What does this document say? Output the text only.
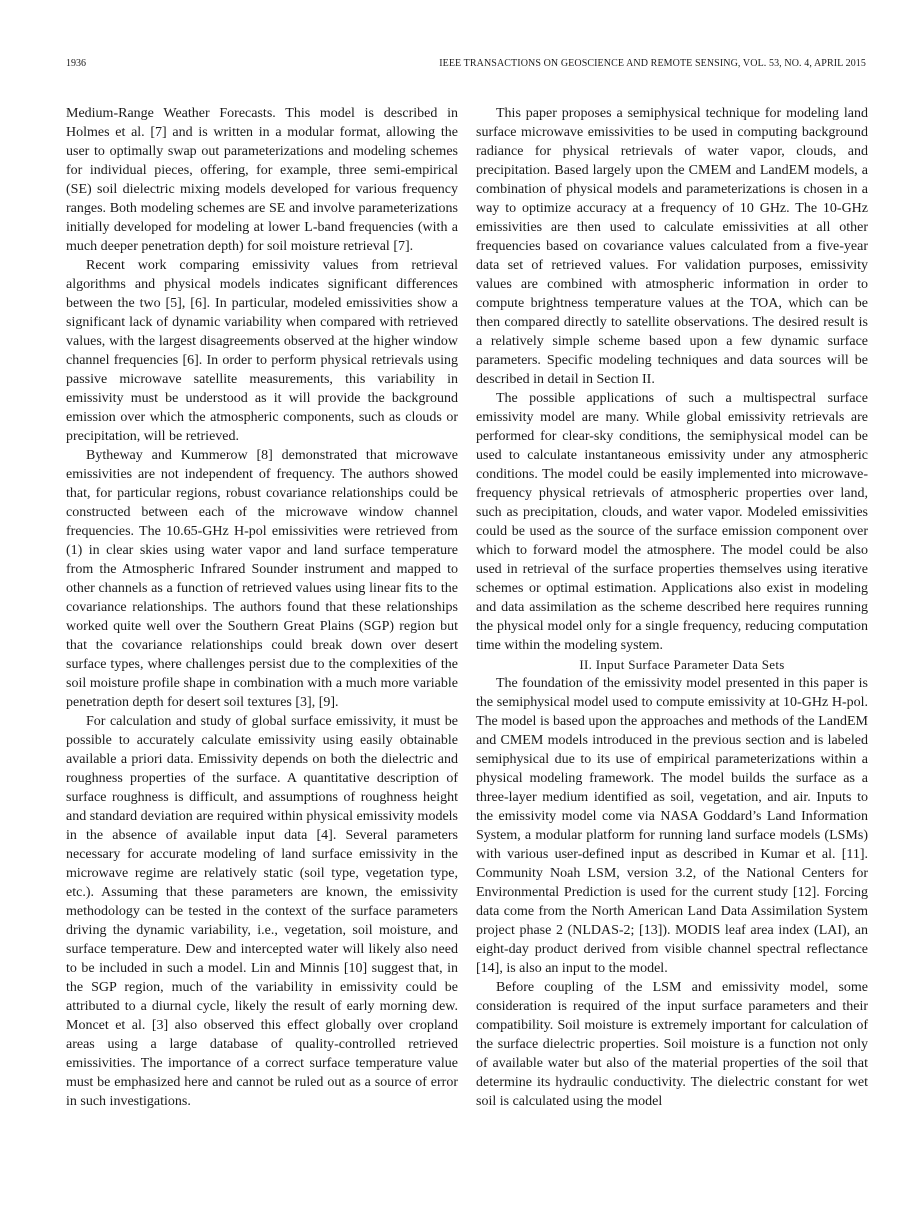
1936	IEEE TRANSACTIONS ON GEOSCIENCE AND REMOTE SENSING, VOL. 53, NO. 4, APRIL 2015

Medium-Range Weather Forecasts. This model is described in Holmes et al. [7] and is written in a modular format, allowing the user to optimally swap out parameterizations and modeling schemes for individual pieces, offering, for example, three semi-empirical (SE) soil dielectric mixing models developed for various frequency ranges. Both modeling schemes are SE and involve parameterizations initially developed for modeling at lower L-band frequencies (with a much deeper penetration depth) for soil moisture retrieval [7].

Recent work comparing emissivity values from retrieval algorithms and physical models indicates significant differences between the two [5], [6]. In particular, modeled emissivities show a significant lack of dynamic variability when compared with retrieved values, with the largest disagreements observed at the higher window channel frequencies [6]. In order to perform physical retrievals using passive microwave satellite measurements, this variability in emissivity must be understood as it will provide the background emission over which the atmospheric components, such as clouds or precipitation, will be retrieved.

Bytheway and Kummerow [8] demonstrated that microwave emissivities are not independent of frequency. The authors showed that, for particular regions, robust covariance relationships could be constructed between each of the microwave window channel frequencies. The 10.65-GHz H-pol emissivities were retrieved from (1) in clear skies using water vapor and land surface temperature from the Atmospheric Infrared Sounder instrument and mapped to other channels as a function of retrieved values using linear fits to the covariance relationships. The authors found that these relationships worked quite well over the Southern Great Plains (SGP) region but that the covariance relationships could break down over desert surface types, where challenges persist due to the complexities of the soil moisture profile shape in combination with a much more variable penetration depth for desert soil textures [3], [9].

For calculation and study of global surface emissivity, it must be possible to accurately calculate emissivity using easily obtainable available a priori data. Emissivity depends on both the dielectric and roughness properties of the surface. A quantitative description of surface roughness is difficult, and assumptions of roughness height and standard deviation are required within physical emissivity models in the absence of available input data [4]. Several parameters necessary for accurate modeling of land surface emissivity in the microwave regime are relatively static (soil type, vegetation type, etc.). Assuming that these parameters are known, the emissivity methodology can be tested in the context of the surface parameters driving the dynamic variability, i.e., vegetation, soil moisture, and surface temperature. Dew and intercepted water will likely also need to be included in such a model. Lin and Minnis [10] suggest that, in the SGP region, much of the variability in emissivity could be attributed to a diurnal cycle, likely the result of early morning dew. Moncet et al. [3] also observed this effect globally over cropland areas using a large database of quality-controlled retrieved emissivities. The importance of a correct surface temperature value must be emphasized here and cannot be ruled out as a source of error in such investigations.

This paper proposes a semiphysical technique for modeling land surface microwave emissivities to be used in computing background radiance for physical retrievals of water vapor, clouds, and precipitation. Based largely upon the CMEM and LandEM models, a combination of physical models and parameterizations is chosen in a way to optimize accuracy at a frequency of 10 GHz. The 10-GHz emissivities are then used to calculate emissivities at all other frequencies based on covariance values calculated from a five-year data set of retrieved values. For validation purposes, emissivity values are combined with atmospheric information in order to compute brightness temperature values at the TOA, which can be then compared directly to satellite observations. The desired result is a relatively simple scheme based upon a few dynamic surface parameters. Specific modeling techniques and data sources will be described in detail in Section II.

The possible applications of such a multispectral surface emissivity model are many. While global emissivity retrievals are performed for clear-sky conditions, the semiphysical model can be used to calculate instantaneous emissivity under any atmospheric conditions. The model could be easily implemented into microwave-frequency physical retrievals of atmospheric properties over land, such as precipitation, clouds, and water vapor. Modeled emissivities could be used as the source of the surface emission component over which to forward model the atmosphere. The model could be also used in retrieval of the surface properties themselves using iterative schemes or optimal estimation. Applications also exist in modeling and data assimilation as the scheme described here requires running the physical model only for a single frequency, reducing computation time within the modeling system.

II. Input Surface Parameter Data Sets

The foundation of the emissivity model presented in this paper is the semiphysical model used to compute emissivity at 10-GHz H-pol. The model is based upon the approaches and methods of the LandEM and CMEM models introduced in the previous section and is labeled semiphysical due to its use of empirical parameterizations within a physical modeling framework. The model builds the surface as a three-layer medium identified as soil, vegetation, and air. Inputs to the emissivity model come via NASA Goddard’s Land Information System, a modular platform for running land surface models (LSMs) with various user-defined input as described in Kumar et al. [11]. Community Noah LSM, version 3.2, of the National Centers for Environmental Prediction is used for the current study [12]. Forcing data come from the North American Land Data Assimilation System project phase 2 (NLDAS-2; [13]). MODIS leaf area index (LAI), an eight-day product derived from visible channel spectral reflectance [14], is also an input to the model.

Before coupling of the LSM and emissivity model, some consideration is required of the input surface parameters and their compatibility. Soil moisture is extremely important for calculation of the surface dielectric properties. Soil moisture is a function not only of available water but also of the material properties of the soil that determine its hydraulic conductivity. The dielectric constant for wet soil is calculated using the model
